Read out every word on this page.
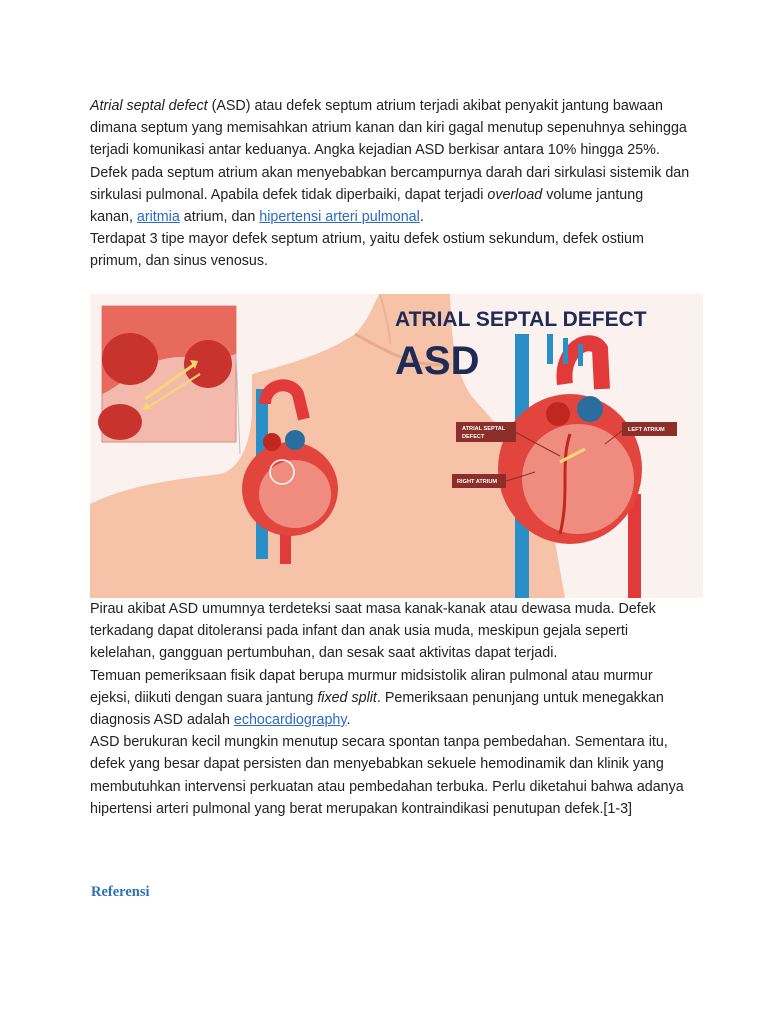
Atrial septal defect (ASD) atau defek septum atrium terjadi akibat penyakit jantung bawaan dimana septum yang memisahkan atrium kanan dan kiri gagal menutup sepenuhnya sehingga terjadi komunikasi antar keduanya. Angka kejadian ASD berkisar antara 10% hingga 25%.

Defek pada septum atrium akan menyebabkan bercampurnya darah dari sirkulasi sistemik dan sirkulasi pulmonal. Apabila defek tidak diperbaiki, dapat terjadi overload volume jantung kanan, aritmia atrium, dan hipertensi arteri pulmonal.

Terdapat 3 tipe mayor defek septum atrium, yaitu defek ostium sekundum, defek ostium primum, dan sinus venosus.

ATRIAL SEPTAL DEFECT
ASD
ATRIAL SEPTAL
DEFECT
LEFT ATRIUM
RIGHT ATRIUM

Pirau akibat ASD umumnya terdeteksi saat masa kanak-kanak atau dewasa muda. Defek terkadang dapat ditoleransi pada infant dan anak usia muda, meskipun gejala seperti kelelahan, gangguan pertumbuhan, dan sesak saat aktivitas dapat terjadi.

Temuan pemeriksaan fisik dapat berupa murmur midsistolik aliran pulmonal atau murmur ejeksi, diikuti dengan suara jantung fixed split. Pemeriksaan penunjang untuk menegakkan diagnosis ASD adalah echocardiography.

ASD berukuran kecil mungkin menutup secara spontan tanpa pembedahan. Sementara itu, defek yang besar dapat persisten dan menyebabkan sekuele hemodinamik dan klinik yang membutuhkan intervensi perkuatan atau pembedahan terbuka. Perlu diketahui bahwa adanya hipertensi arteri pulmonal yang berat merupakan kontraindikasi penutupan defek.[1-3]

Referensi
